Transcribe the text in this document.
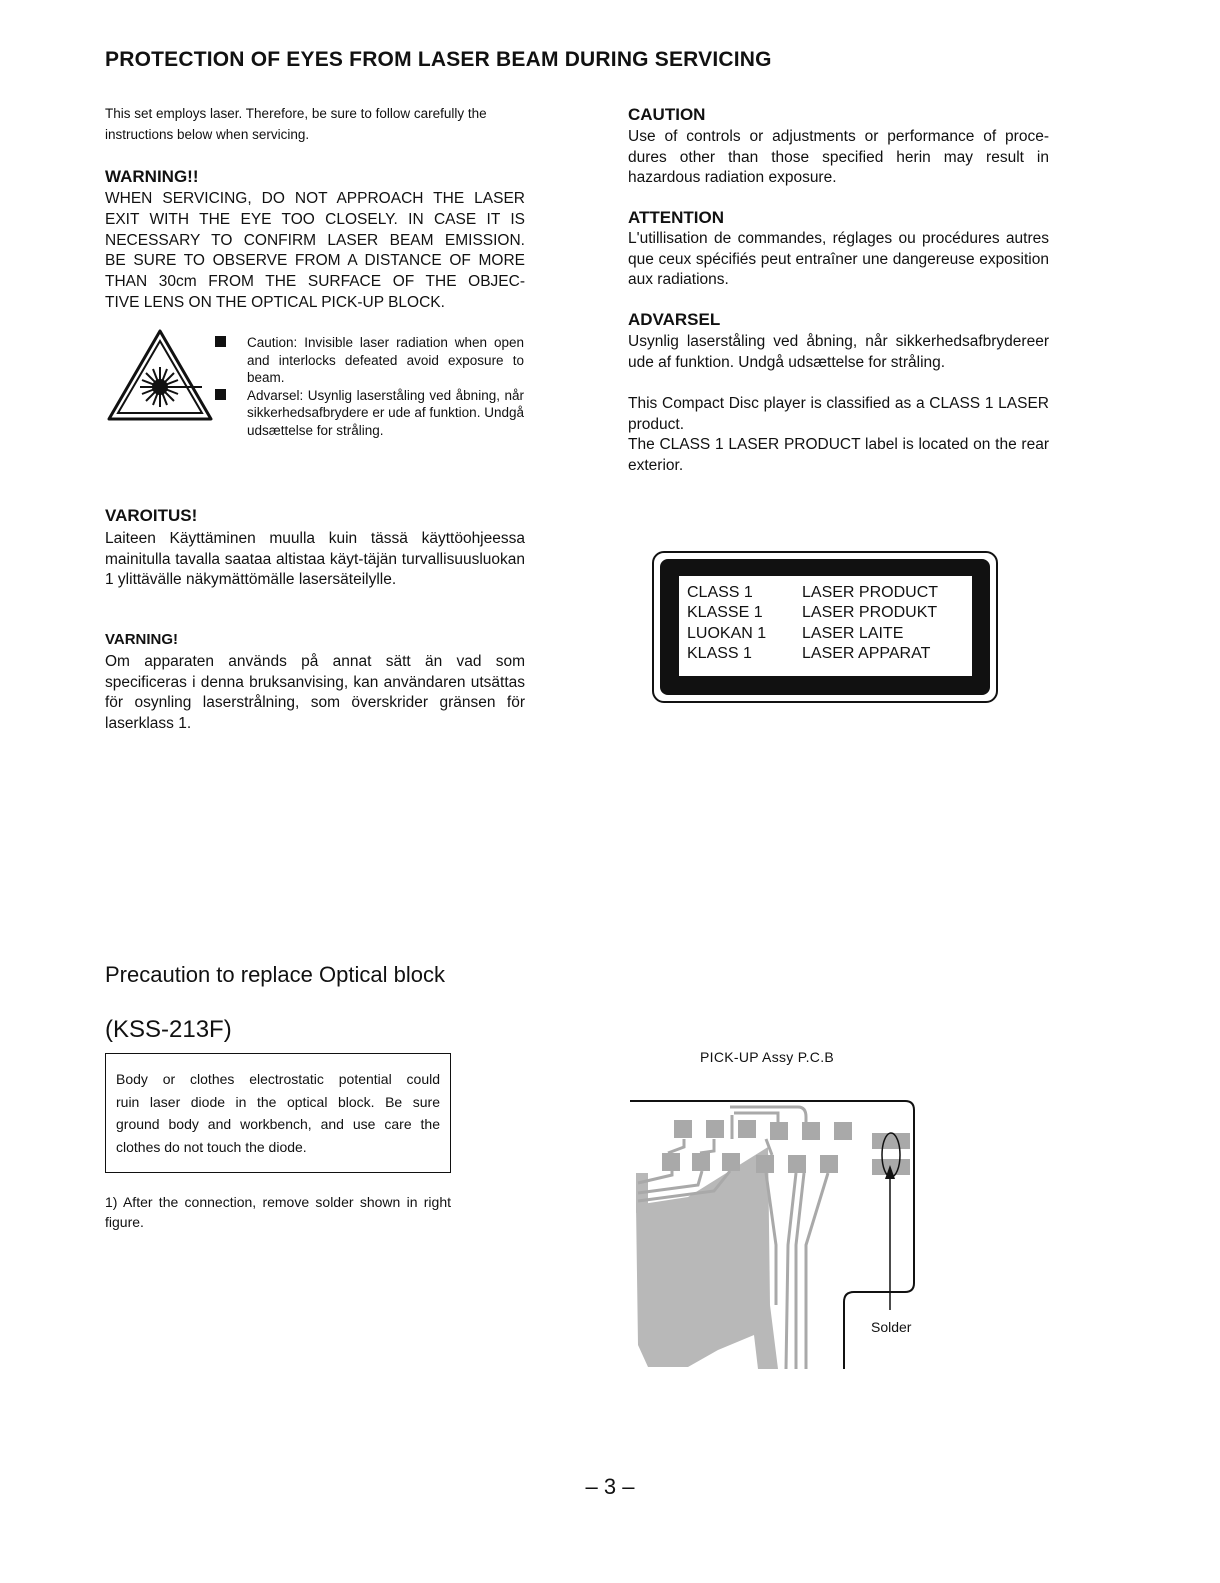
PROTECTION OF EYES FROM LASER BEAM DURING SERVICING
This set employs laser. Therefore, be sure to follow carefully the instructions below when servicing.
WARNING!!
WHEN SERVICING, DO NOT APPROACH THE LASER
EXIT WITH THE EYE TOO CLOSELY. IN CASE IT IS
NECESSARY TO CONFIRM LASER BEAM EMISSION.
BE SURE TO OBSERVE FROM A DISTANCE OF MORE
THAN 30cm FROM THE SURFACE OF THE OBJEC-
TIVE LENS ON THE OPTICAL PICK-UP BLOCK.
Caution: Invisible laser radiation when open and interlocks defeated avoid exposure to beam.
Advarsel: Usynlig laserståling ved åbning, når sikkerhedsafbrydere er ude af funktion. Undgå udsættelse for stråling.
VAROITUS!
Laiteen Käyttäminen muulla kuin tässä käyttöohjeessa mainitulla tavalla saataa altistaa käyt-täjän turvallisuusluokan 1 ylittävälle näkymättömälle lasersäteilylle.
VARNING!
Om apparaten används på annat sätt än vad som specificeras i denna bruksanvising, kan användaren utsättas för osynling laserstrålning, som överskrider gränsen för laserklass 1.
CAUTION
Use of controls or adjustments or performance of proce-dures other than those specified herin may result in hazardous radiation exposure.
ATTENTION
L'utillisation de commandes, réglages ou procédures autres que ceux spécifiés peut entraîner une dangereuse exposition aux radiations.
ADVARSEL
Usynlig laserståling ved åbning, når sikkerhedsafbrydereer ude af funktion. Undgå udsættelse for stråling.
This Compact Disc player is classified as a CLASS 1 LASER product.
The CLASS 1 LASER PRODUCT label is located on the rear exterior.
CLASS 1	LASER PRODUCT
KLASSE 1	LASER PRODUKT
LUOKAN 1	LASER LAITE
KLASS 1	LASER APPARAT
Precaution to replace Optical block
(KSS-213F)
Body or clothes electrostatic potential could
ruin laser diode in the optical block. Be sure
ground body and workbench, and use care the
clothes do not touch the diode.
1) After the connection, remove solder shown in right figure.
PICK-UP Assy P.C.B
Solder
– 3 –
